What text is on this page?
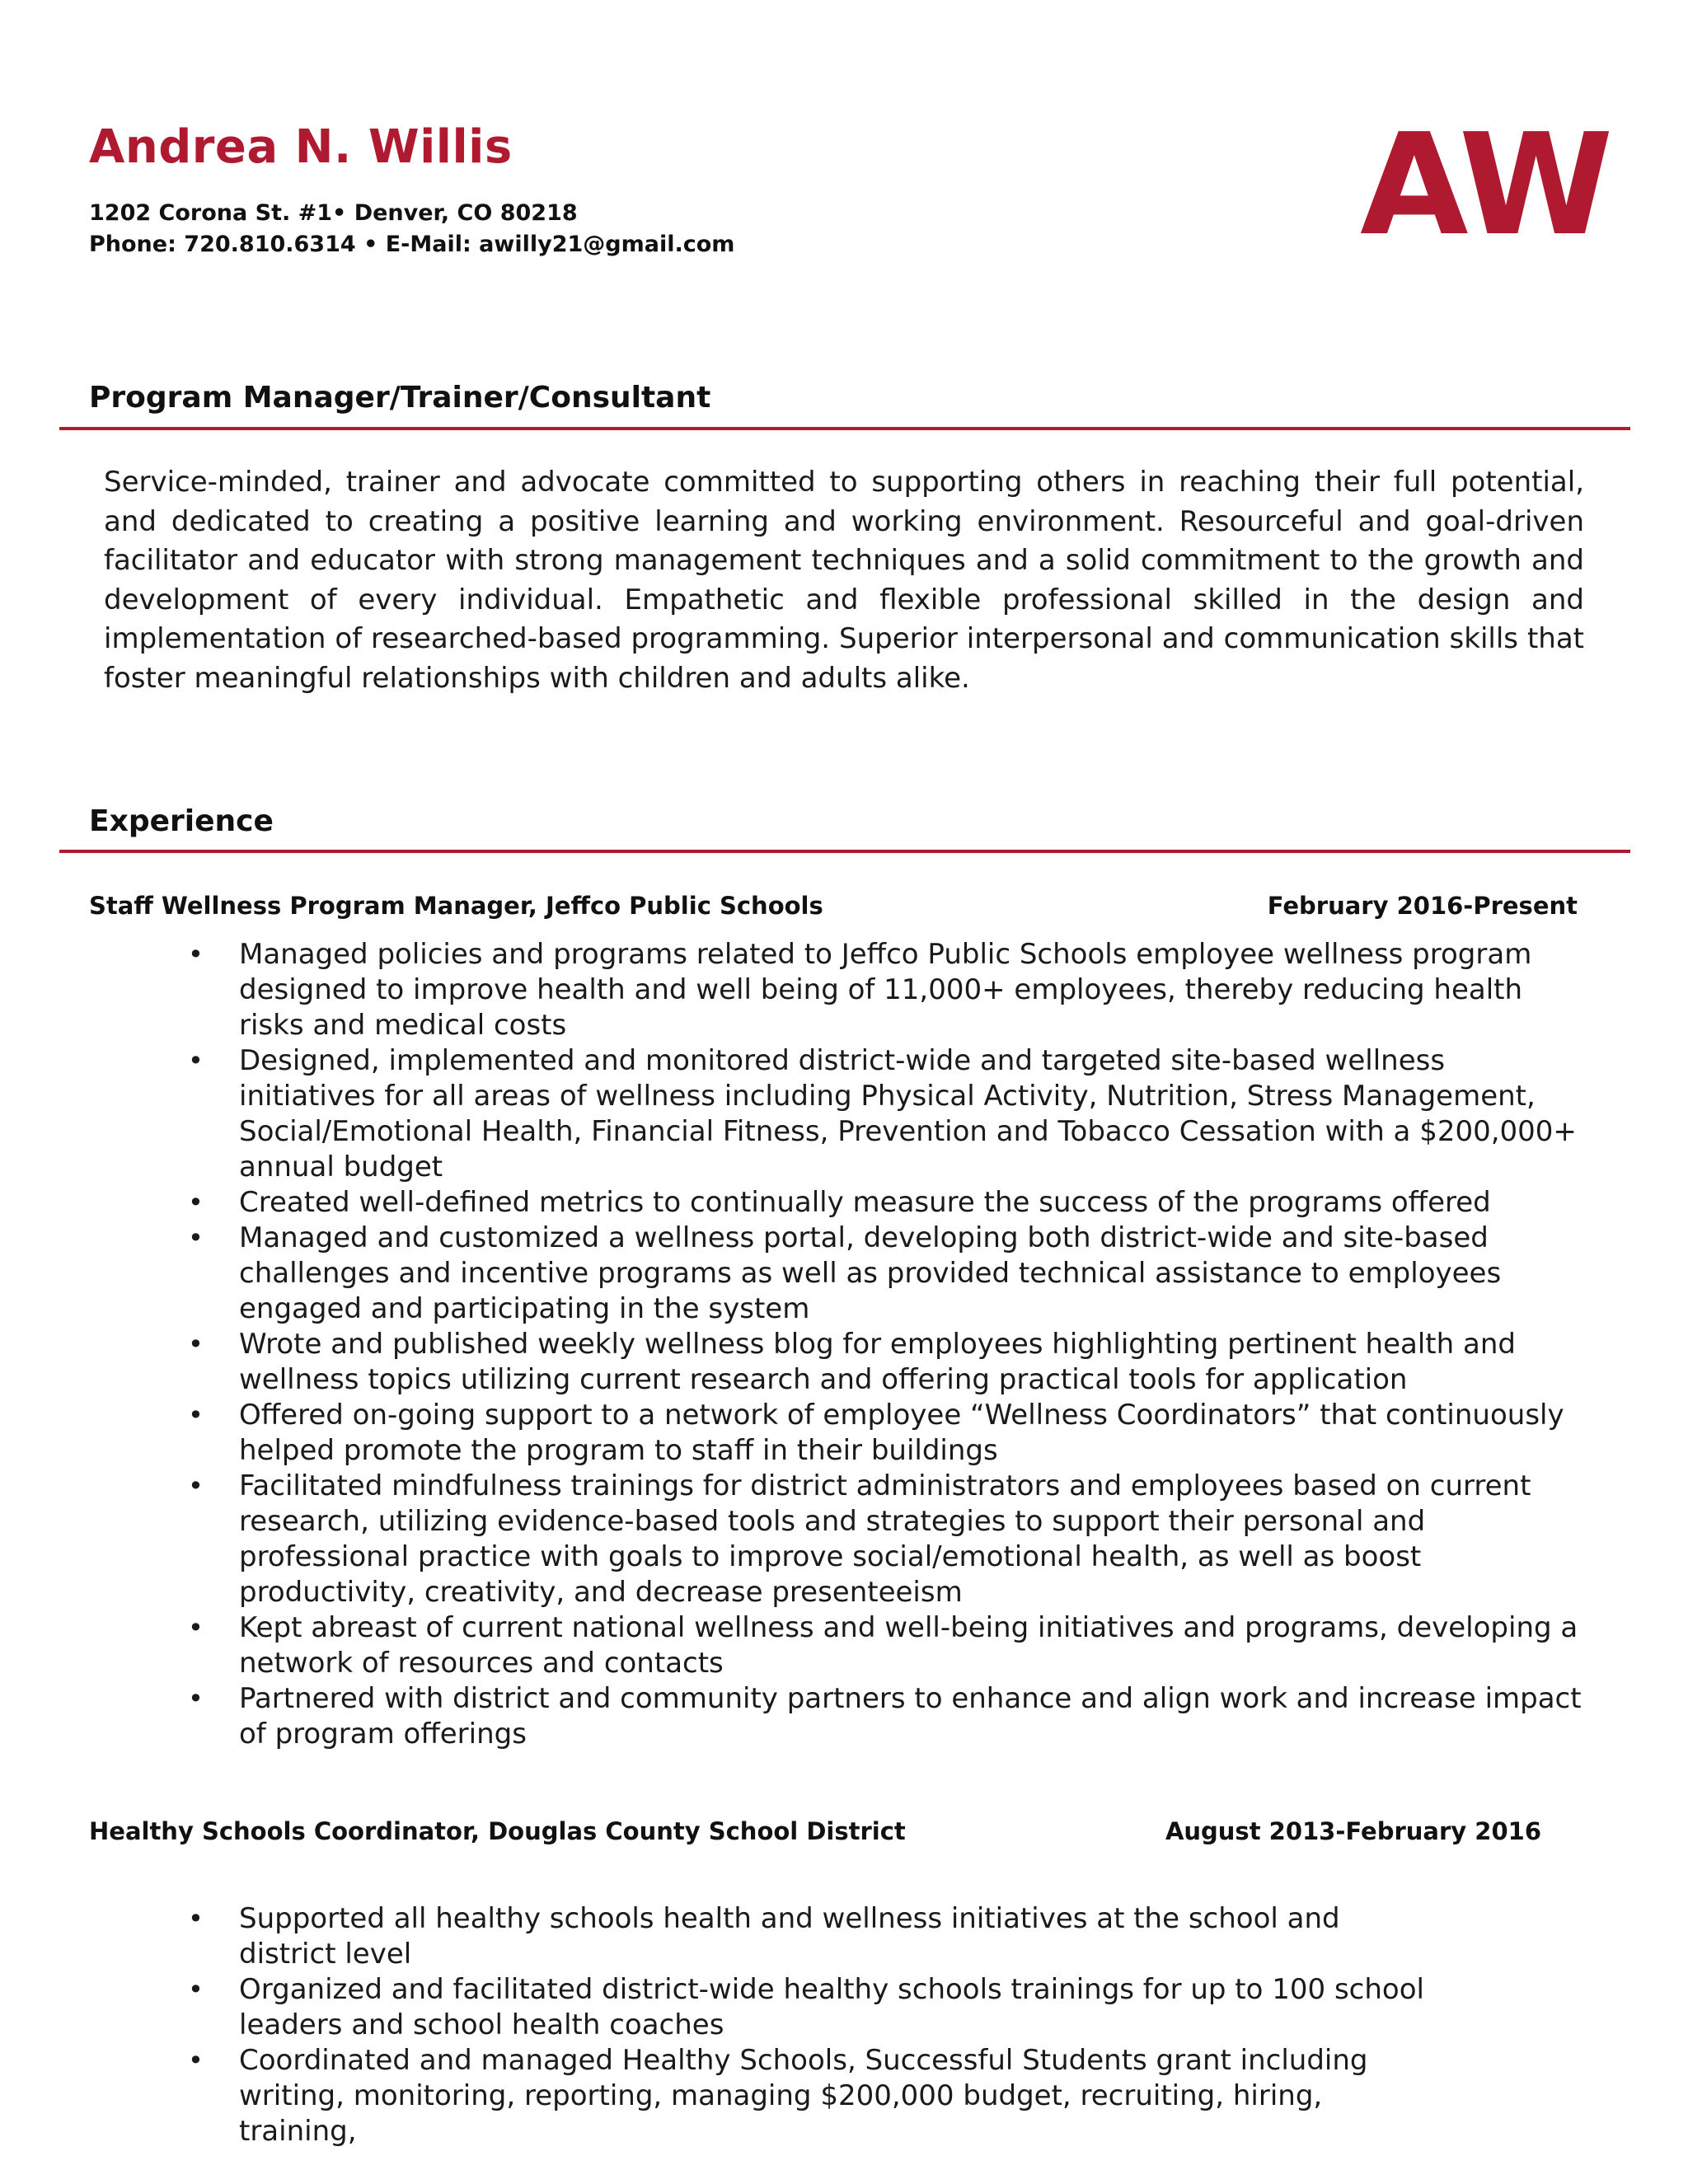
Andrea N. Willis
1202 Corona St. #1• Denver, CO 80218
Phone: 720.810.6314 • E-Mail: awilly21@gmail.com	AW
Program Manager/Trainer/Consultant
Service-minded, trainer and advocate committed to supporting others in reaching their full potential, and dedicated to creating a positive learning and working environment. Resourceful and goal-driven facilitator and educator with strong management techniques and a solid commitment to the growth and development of every individual. Empathetic and flexible professional skilled in the design and implementation of researched-based programming. Superior interpersonal and communication skills that foster meaningful relationships with children and adults alike.
Experience
Staff Wellness Program Manager, Jeffco Public Schools	February 2016-Present
• Managed policies and programs related to Jeffco Public Schools employee wellness program designed to improve health and well being of 11,000+ employees, thereby reducing health risks and medical costs
• Designed, implemented and monitored district-wide and targeted site-based wellness initiatives for all areas of wellness including Physical Activity, Nutrition, Stress Management, Social/Emotional Health, Financial Fitness, Prevention and Tobacco Cessation with a $200,000+ annual budget
• Created well-defined metrics to continually measure the success of the programs offered
• Managed and customized a wellness portal, developing both district-wide and site-based challenges and incentive programs as well as provided technical assistance to employees engaged and participating in the system
• Wrote and published weekly wellness blog for employees highlighting pertinent health and wellness topics utilizing current research and offering practical tools for application
• Offered on-going support to a network of employee “Wellness Coordinators” that continuously helped promote the program to staff in their buildings
• Facilitated mindfulness trainings for district administrators and employees based on current research, utilizing evidence-based tools and strategies to support their personal and professional practice with goals to improve social/emotional health, as well as boost productivity, creativity, and decrease presenteeism
• Kept abreast of current national wellness and well-being initiatives and programs, developing a network of resources and contacts
• Partnered with district and community partners to enhance and align work and increase impact of program offerings
Healthy Schools Coordinator, Douglas County School District	August 2013-February 2016
• Supported all healthy schools health and wellness initiatives at the school and district level
• Organized and facilitated district-wide healthy schools trainings for up to 100 school leaders and school health coaches
• Coordinated and managed Healthy Schools, Successful Students grant including writing, monitoring, reporting, managing $200,000 budget, recruiting, hiring, training,
